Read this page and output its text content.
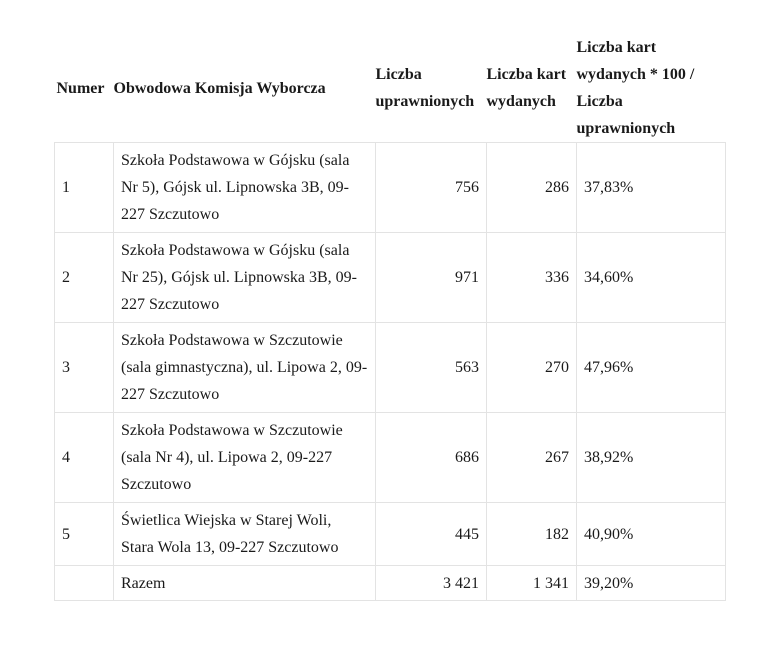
Numer	Obwodowa Komisja Wyborcza	Liczba uprawnionych	Liczba kart wydanych	Liczba kart wydanych * 100 / Liczba uprawnionych
1	Szkoła Podstawowa w Gójsku (sala Nr 5), Gójsk ul. Lipnowska 3B, 09-227 Szczutowo	756	286	37,83%
2	Szkoła Podstawowa w Gójsku (sala Nr 25), Gójsk ul. Lipnowska 3B, 09-227 Szczutowo	971	336	34,60%
3	Szkoła Podstawowa w Szczutowie (sala gimnastyczna), ul. Lipowa 2, 09-227 Szczutowo	563	270	47,96%
4	Szkoła Podstawowa w Szczutowie (sala Nr 4), ul. Lipowa 2, 09-227 Szczutowo	686	267	38,92%
5	Świetlica Wiejska w Starej Woli, Stara Wola 13, 09-227 Szczutowo	445	182	40,90%
	Razem	3 421	1 341	39,20%
